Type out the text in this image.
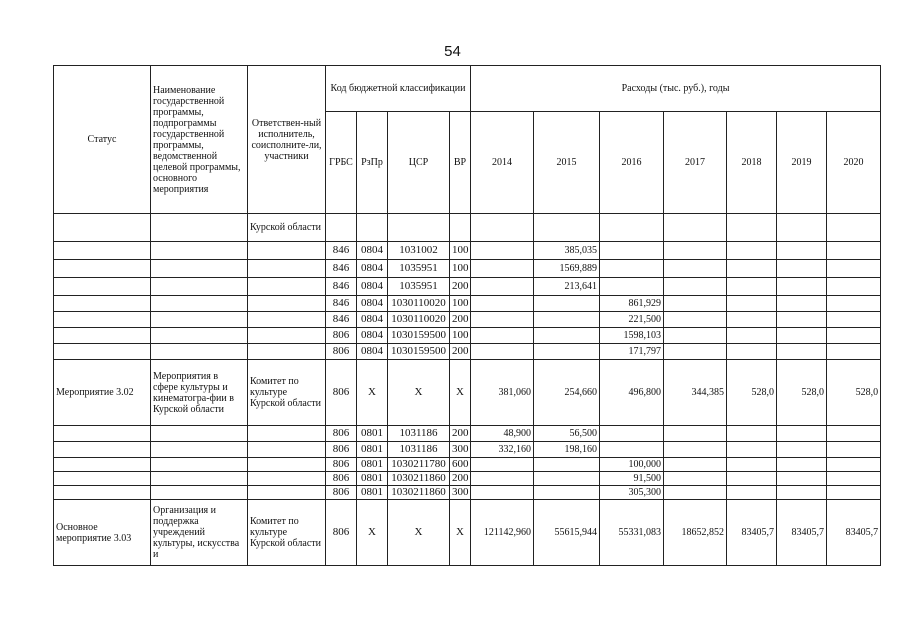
54
Статус	Наименование государственной программы, подпрограммы государственной программы, ведомственной целевой программы, основного мероприятия	Ответствен-ный исполнитель, соисполните-ли, участники	Код бюджетной классификации				Расходы (тыс. руб.), годы						
			ГРБС	РзПр	ЦСР	ВР	2014	2015	2016	2017	2018	2019	2020
		Курской области											
			846	0804	1031002	100		385,035					
			846	0804	1035951	100		1569,889					
			846	0804	1035951	200		213,641					
			846	0804	1030110020	100			861,929				
			846	0804	1030110020	200			221,500				
			806	0804	1030159500	100			1598,103				
			806	0804	1030159500	200			171,797				
Мероприятие 3.02	Мероприятия в сфере культуры и кинематогра-фии в Курской области	Комитет по культуре Курской области	806	X	X	X	381,060	254,660	496,800	344,385	528,0	528,0	528,0
			806	0801	1031186	200	48,900	56,500					
			806	0801	1031186	300	332,160	198,160					
			806	0801	1030211780	600			100,000				
			806	0801	1030211860	200			91,500				
			806	0801	1030211860	300			305,300				
Основное мероприятие 3.03	Организация и поддержка учреждений культуры, искусства и	Комитет по культуре Курской области	806	X	X	X	121142,960	55615,944	55331,083	18652,852	83405,7	83405,7	83405,7
